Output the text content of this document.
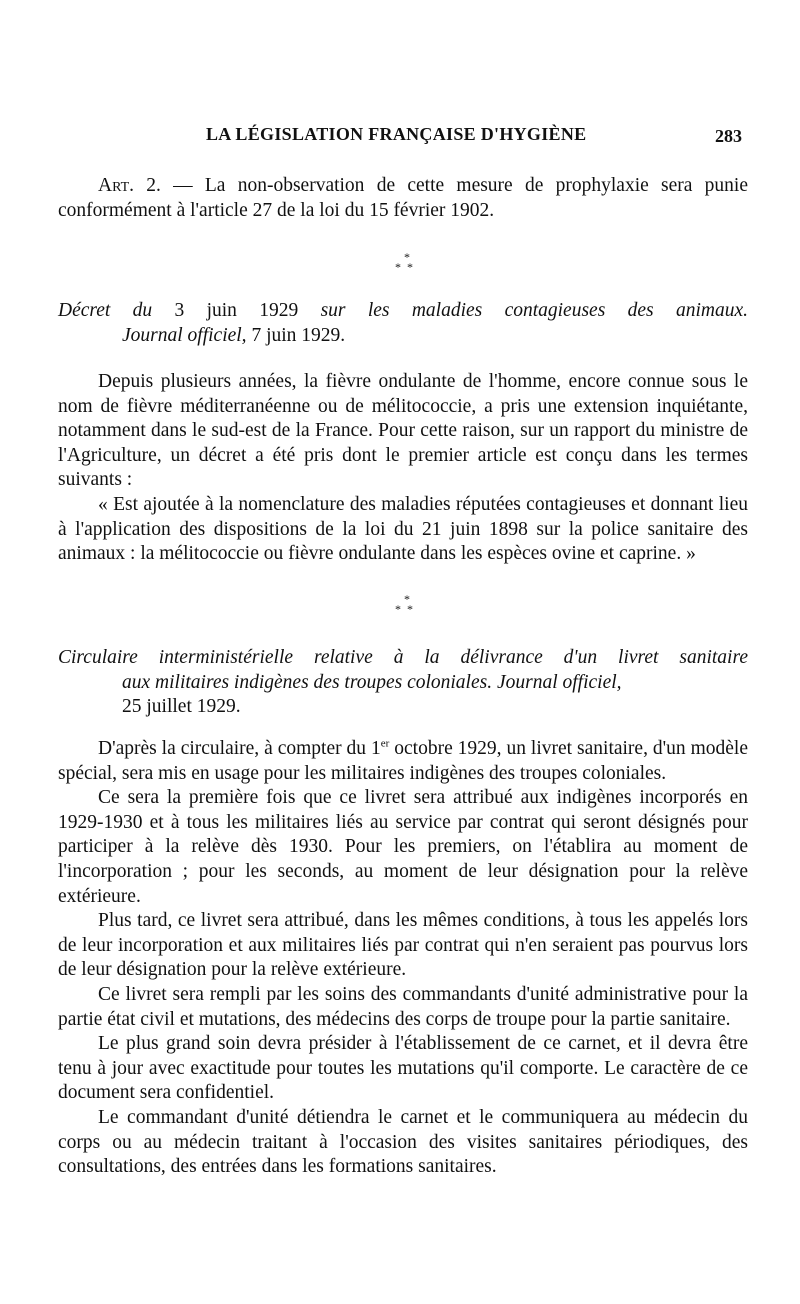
LA LÉGISLATION FRANÇAISE D'HYGIÈNE	283

Art. 2. — La non-observation de cette mesure de prophylaxie sera punie conformément à l'article 27 de la loi du 15 février 1902.

*
**
Décret du 3 juin 1929 sur les maladies contagieuses des animaux.
Journal officiel, 7 juin 1929.

Depuis plusieurs années, la fièvre ondulante de l'homme, encore connue sous le nom de fièvre méditerranéenne ou de mélitococcie, a pris une extension inquiétante, notamment dans le sud-est de la France. Pour cette raison, sur un rapport du ministre de l'Agriculture, un décret a été pris dont le premier article est conçu dans les termes suivants :

« Est ajoutée à la nomenclature des maladies réputées contagieuses et donnant lieu à l'application des dispositions de la loi du 21 juin 1898 sur la police sanitaire des animaux : la mélitococcie ou fièvre ondulante dans les espèces ovine et caprine. »

*
**
Circulaire interministérielle relative à la délivrance d'un livret sanitaire
aux militaires indigènes des troupes coloniales. Journal officiel,
25 juillet 1929.

D'après la circulaire, à compter du 1er octobre 1929, un livret sanitaire, d'un modèle spécial, sera mis en usage pour les militaires indigènes des troupes coloniales.

Ce sera la première fois que ce livret sera attribué aux indigènes incorporés en 1929-1930 et à tous les militaires liés au service par contrat qui seront désignés pour participer à la relève dès 1930. Pour les premiers, on l'établira au moment de l'incorporation ; pour les seconds, au moment de leur désignation pour la relève extérieure.

Plus tard, ce livret sera attribué, dans les mêmes conditions, à tous les appelés lors de leur incorporation et aux militaires liés par contrat qui n'en seraient pas pourvus lors de leur désignation pour la relève extérieure.

Ce livret sera rempli par les soins des commandants d'unité administrative pour la partie état civil et mutations, des médecins des corps de troupe pour la partie sanitaire.

Le plus grand soin devra présider à l'établissement de ce carnet, et il devra être tenu à jour avec exactitude pour toutes les mutations qu'il comporte. Le caractère de ce document sera confidentiel.

Le commandant d'unité détiendra le carnet et le communiquera au médecin du corps ou au médecin traitant à l'occasion des visites sanitaires périodiques, des consultations, des entrées dans les formations sanitaires.
